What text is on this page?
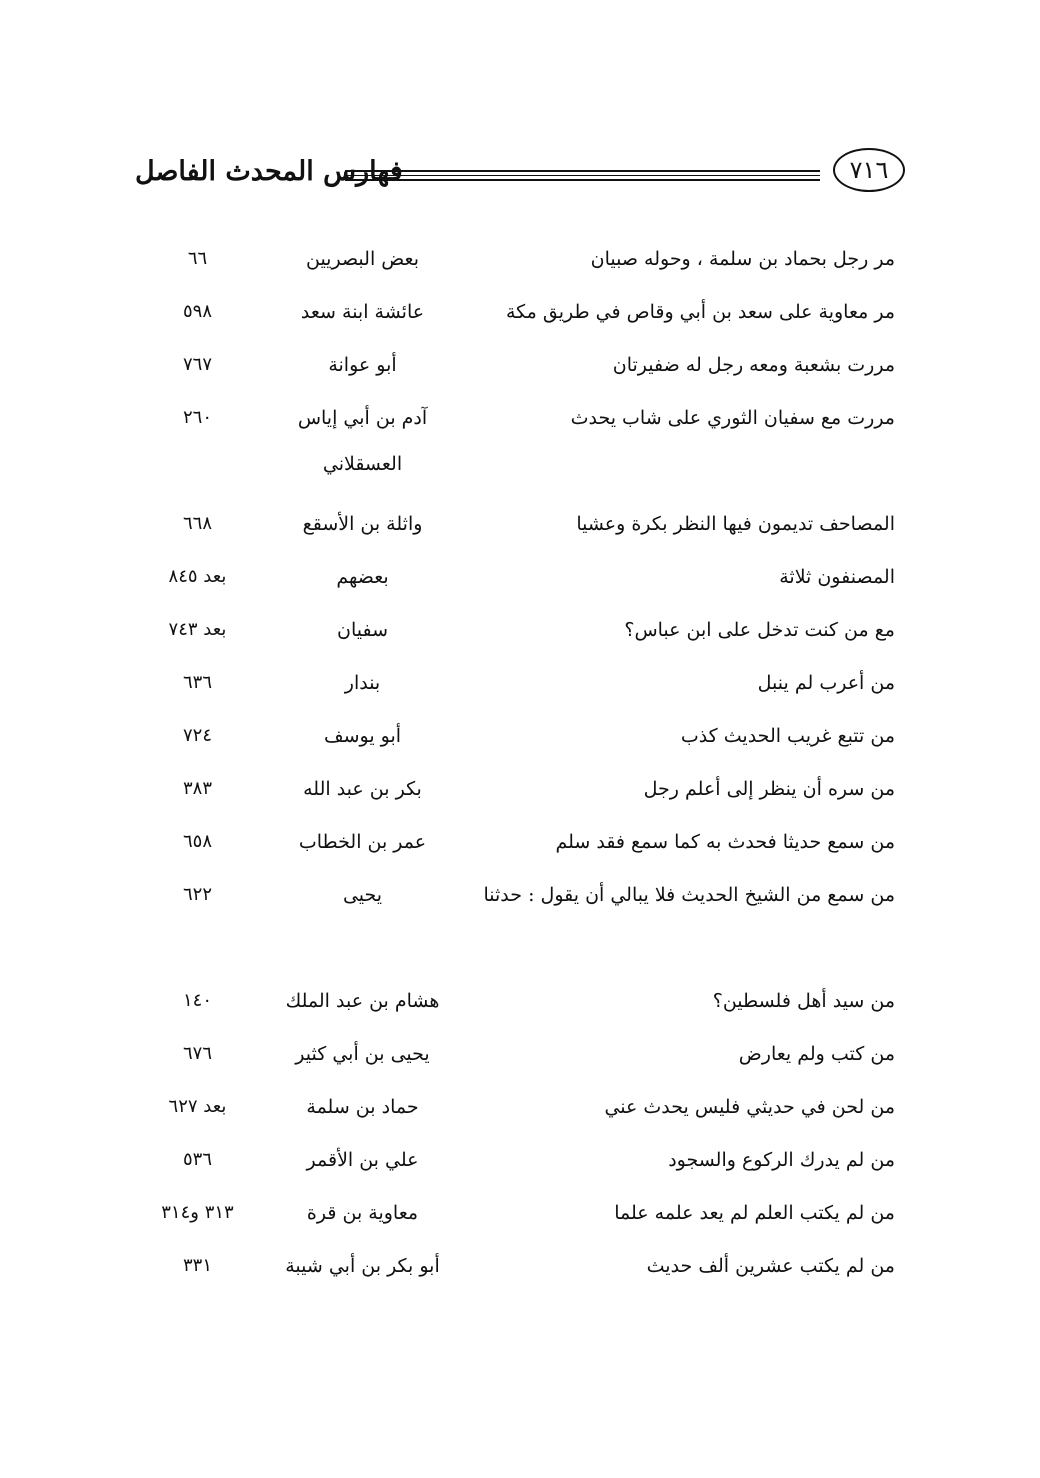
فهارس المحدث الفاصل	٧١٦
مر رجل بحماد بن سلمة ، وحوله صبيان
بعض البصريين
٦٦
مر معاوية على سعد بن أبي وقاص في طريق مكة
عائشة ابنة سعد
٥٩٨
مررت بشعبة ومعه رجل له ضفيرتان
أبو عوانة
٧٦٧
مررت مع سفيان الثوري على شاب يحدث
آدم بن أبي إياس العسقلاني
٢٦٠
المصاحف تديمون فيها النظر بكرة وعشيا
واثلة بن الأسقع
٦٦٨
المصنفون ثلاثة
بعضهم
بعد ٨٤٥
مع من كنت تدخل على ابن عباس؟
سفيان
بعد ٧٤٣
من أعرب لم ينبل
بندار
٦٣٦
من تتبع غريب الحديث كذب
أبو يوسف
٧٢٤
من سره أن ينظر إلى أعلم رجل
بكر بن عبد الله
٣٨٣
من سمع حديثا فحدث به كما سمع فقد سلم
عمر بن الخطاب
٦٥٨
من سمع من الشيخ الحديث فلا يبالي أن يقول : حدثنا
يحيى
٦٢٢
من سيد أهل فلسطين؟
هشام بن عبد الملك
١٤٠
من كتب ولم يعارض
يحيى بن أبي كثير
٦٧٦
من لحن في حديثي فليس يحدث عني
حماد بن سلمة
بعد ٦٢٧
من لم يدرك الركوع والسجود
علي بن الأقمر
٥٣٦
من لم يكتب العلم لم يعد علمه علما
معاوية بن قرة
٣١٣ و٣١٤
من لم يكتب عشرين ألف حديث
أبو بكر بن أبي شيبة
٣٣١
